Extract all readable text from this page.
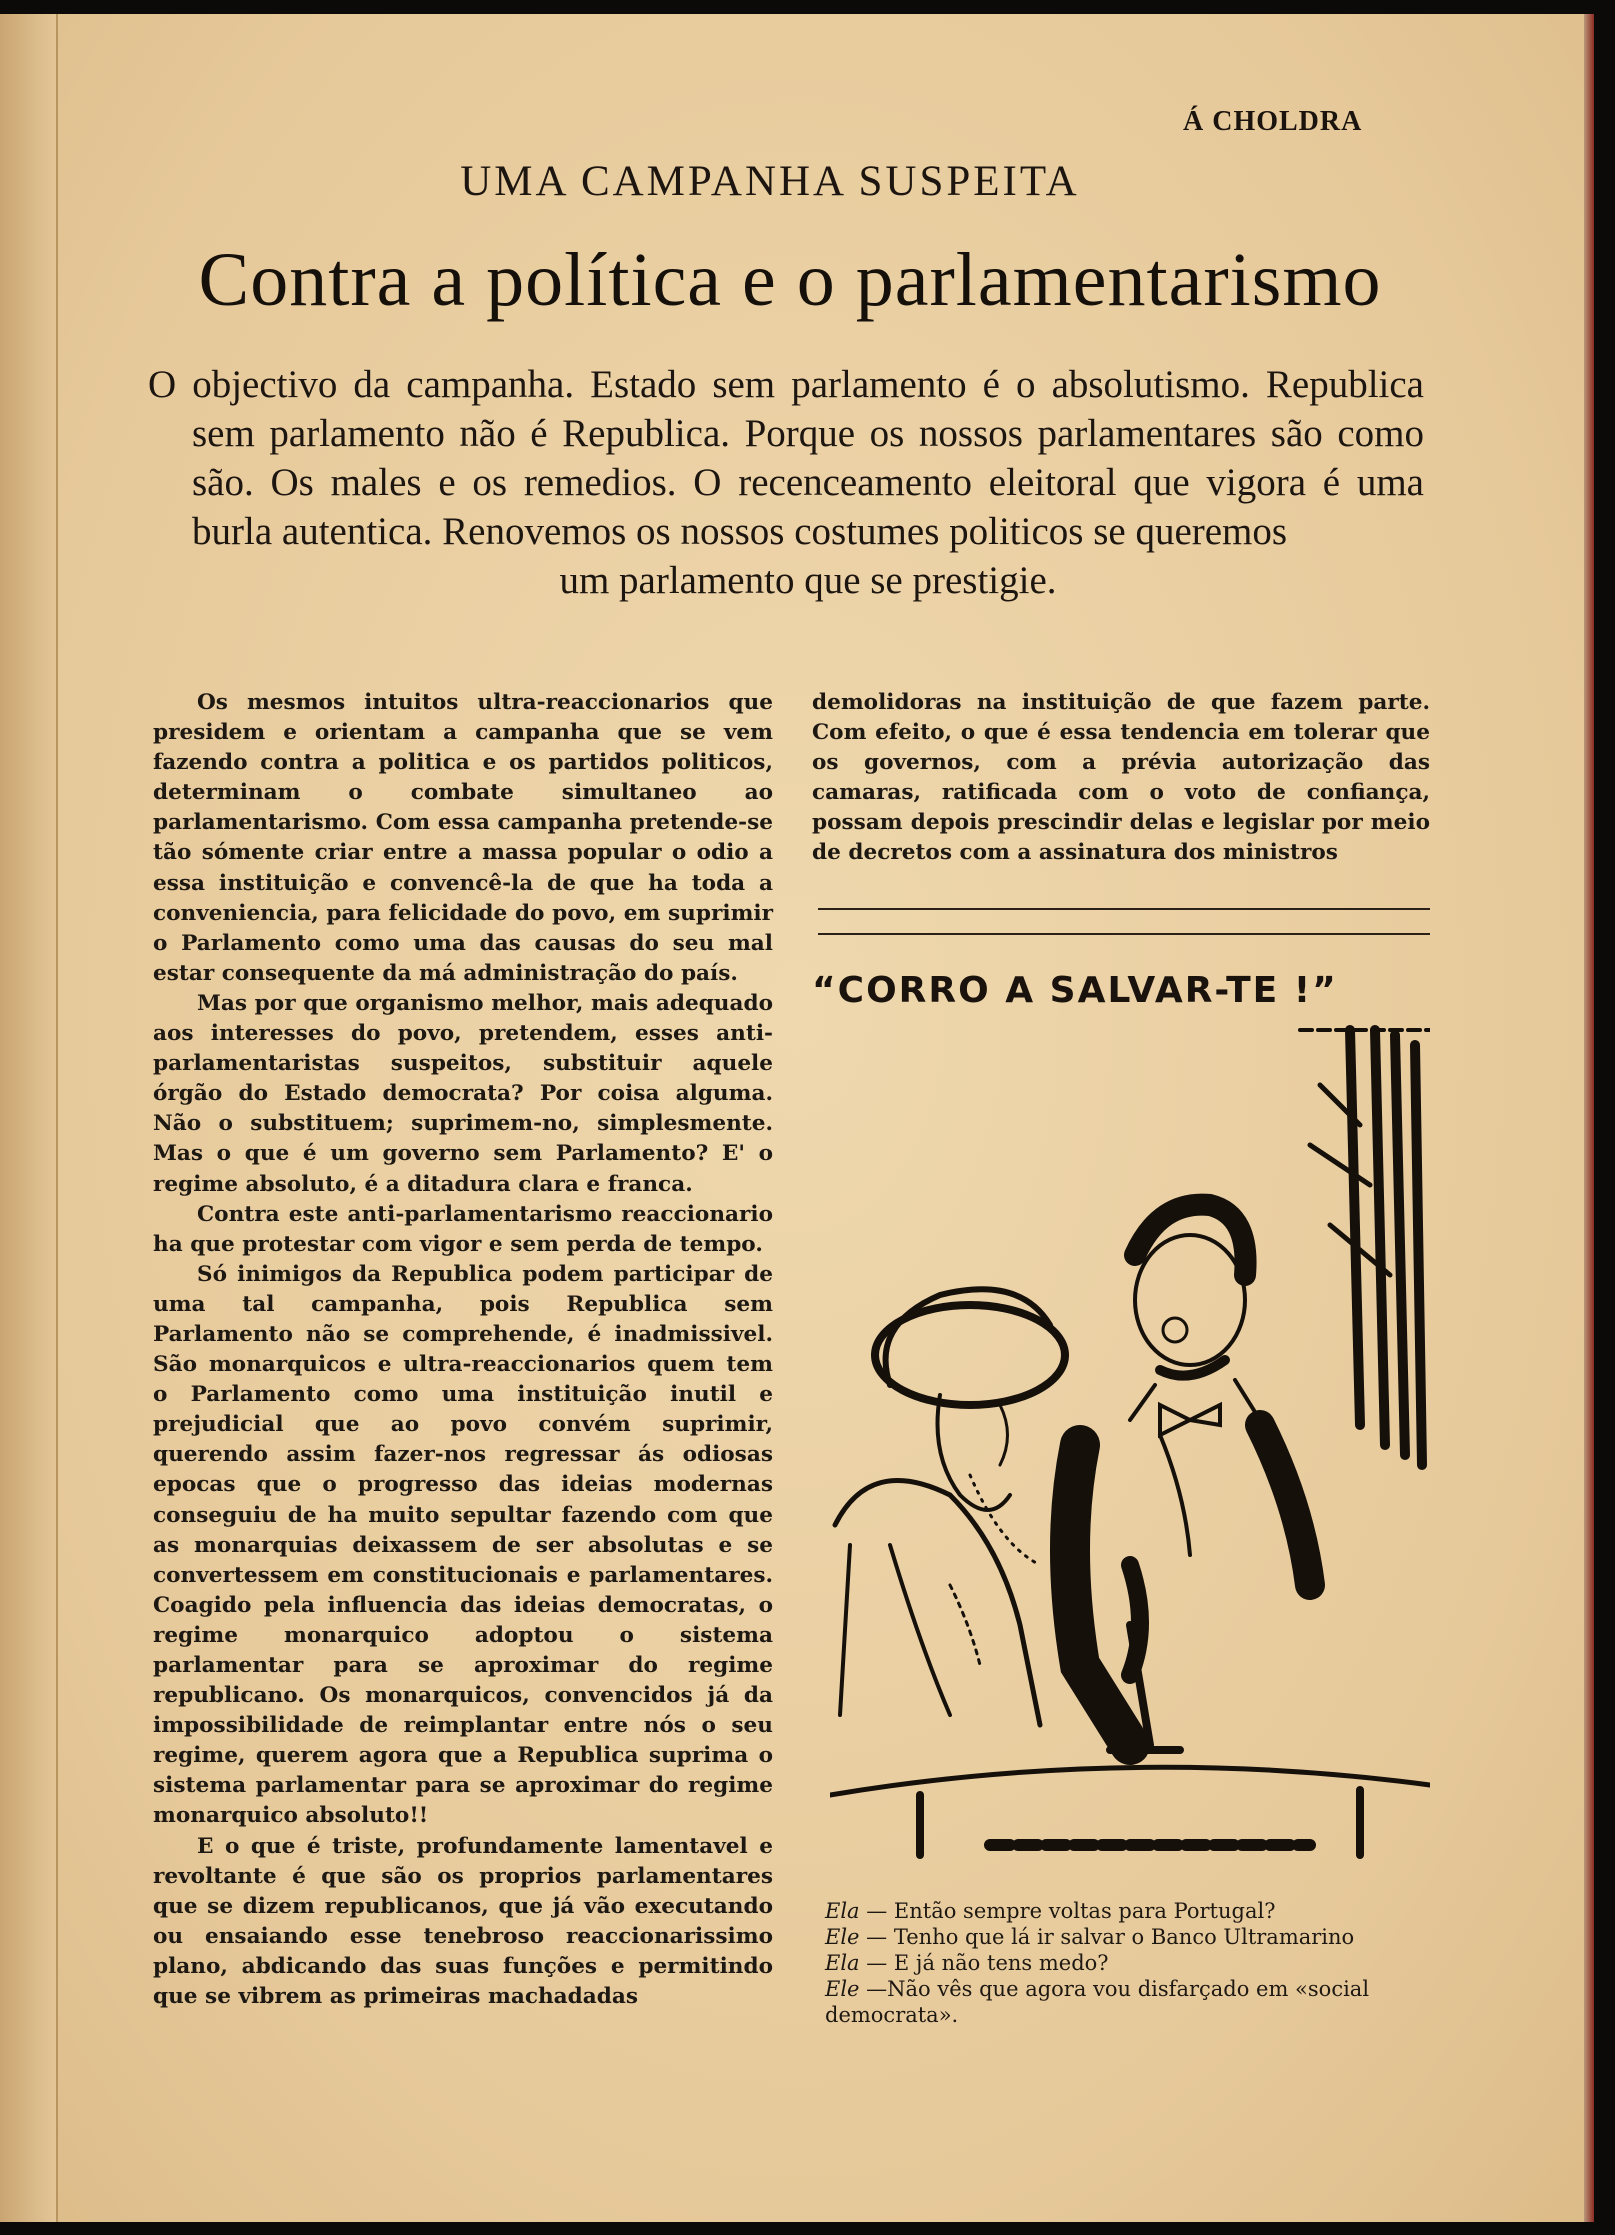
Á CHOLDRA
UMA CAMPANHA SUSPEITA
Contra a política e o parlamentarismo
O objectivo da campanha. Estado sem parlamento é o absolutismo. Republica sem parlamento não é Republica. Porque os nossos parlamentares são como são. Os males e os remedios. O recenceamento eleitoral que vigora é uma burla autentica. Renovemos os nossos costumes politicos se queremos
um parlamento que se prestigie.

Os mesmos intuitos ultra-reaccionarios que presidem e orientam a campanha que se vem fazendo contra a politica e os partidos politicos, determinam o combate simultaneo ao parlamentarismo. Com essa campanha pretende-se tão sómente criar entre a massa popular o odio a essa instituição e convencê-la de que ha toda a conveniencia, para felicidade do povo, em suprimir o Parlamento como uma das causas do seu mal estar consequente da má administração do país.

Mas por que organismo melhor, mais adequado aos interesses do povo, pretendem, esses anti-parlamentaristas suspeitos, substituir aquele órgão do Estado democrata? Por coisa alguma. Não o substituem; suprimem-no, simplesmente. Mas o que é um governo sem Parlamento? E' o regime absoluto, é a ditadura clara e franca.

Contra este anti-parlamentarismo reaccionario ha que protestar com vigor e sem perda de tempo.

Só inimigos da Republica podem participar de uma tal campanha, pois Republica sem Parlamento não se comprehende, é inadmissivel. São monarquicos e ultra-reaccionarios quem tem o Parlamento como uma instituição inutil e prejudicial que ao povo convém suprimir, querendo assim fazer-nos regressar ás odiosas epocas que o progresso das ideias modernas conseguiu de ha muito sepultar fazendo com que as monarquias deixassem de ser absolutas e se convertessem em constitucionais e parlamentares. Coagido pela influencia das ideias democratas, o regime monarquico adoptou o sistema parlamentar para se aproximar do regime republicano. Os monarquicos, convencidos já da impossibilidade de reimplantar entre nós o seu regime, querem agora que a Republica suprima o sistema parlamentar para se aproximar do regime monarquico absoluto!!

E o que é triste, profundamente lamentavel e revoltante é que são os proprios parlamentares que se dizem republicanos, que já vão executando ou ensaiando esse tenebroso reaccionarissimo plano, abdicando das suas funções e permitindo que se vibrem as primeiras machadadas

demolidoras na instituição de que fazem parte. Com efeito, o que é essa tendencia em tolerar que os governos, com a prévia autorização das camaras, ratificada com o voto de confiança, possam depois prescindir delas e legislar por meio de decretos com a assinatura dos ministros
“CORRO A SALVAR-TE !”
Ela — Então sempre voltas para Portugal?
Ele — Tenho que lá ir salvar o Banco Ultramarino
Ela — E já não tens medo?
Ele —Não vês que agora vou disfarçado em «social
democrata».
